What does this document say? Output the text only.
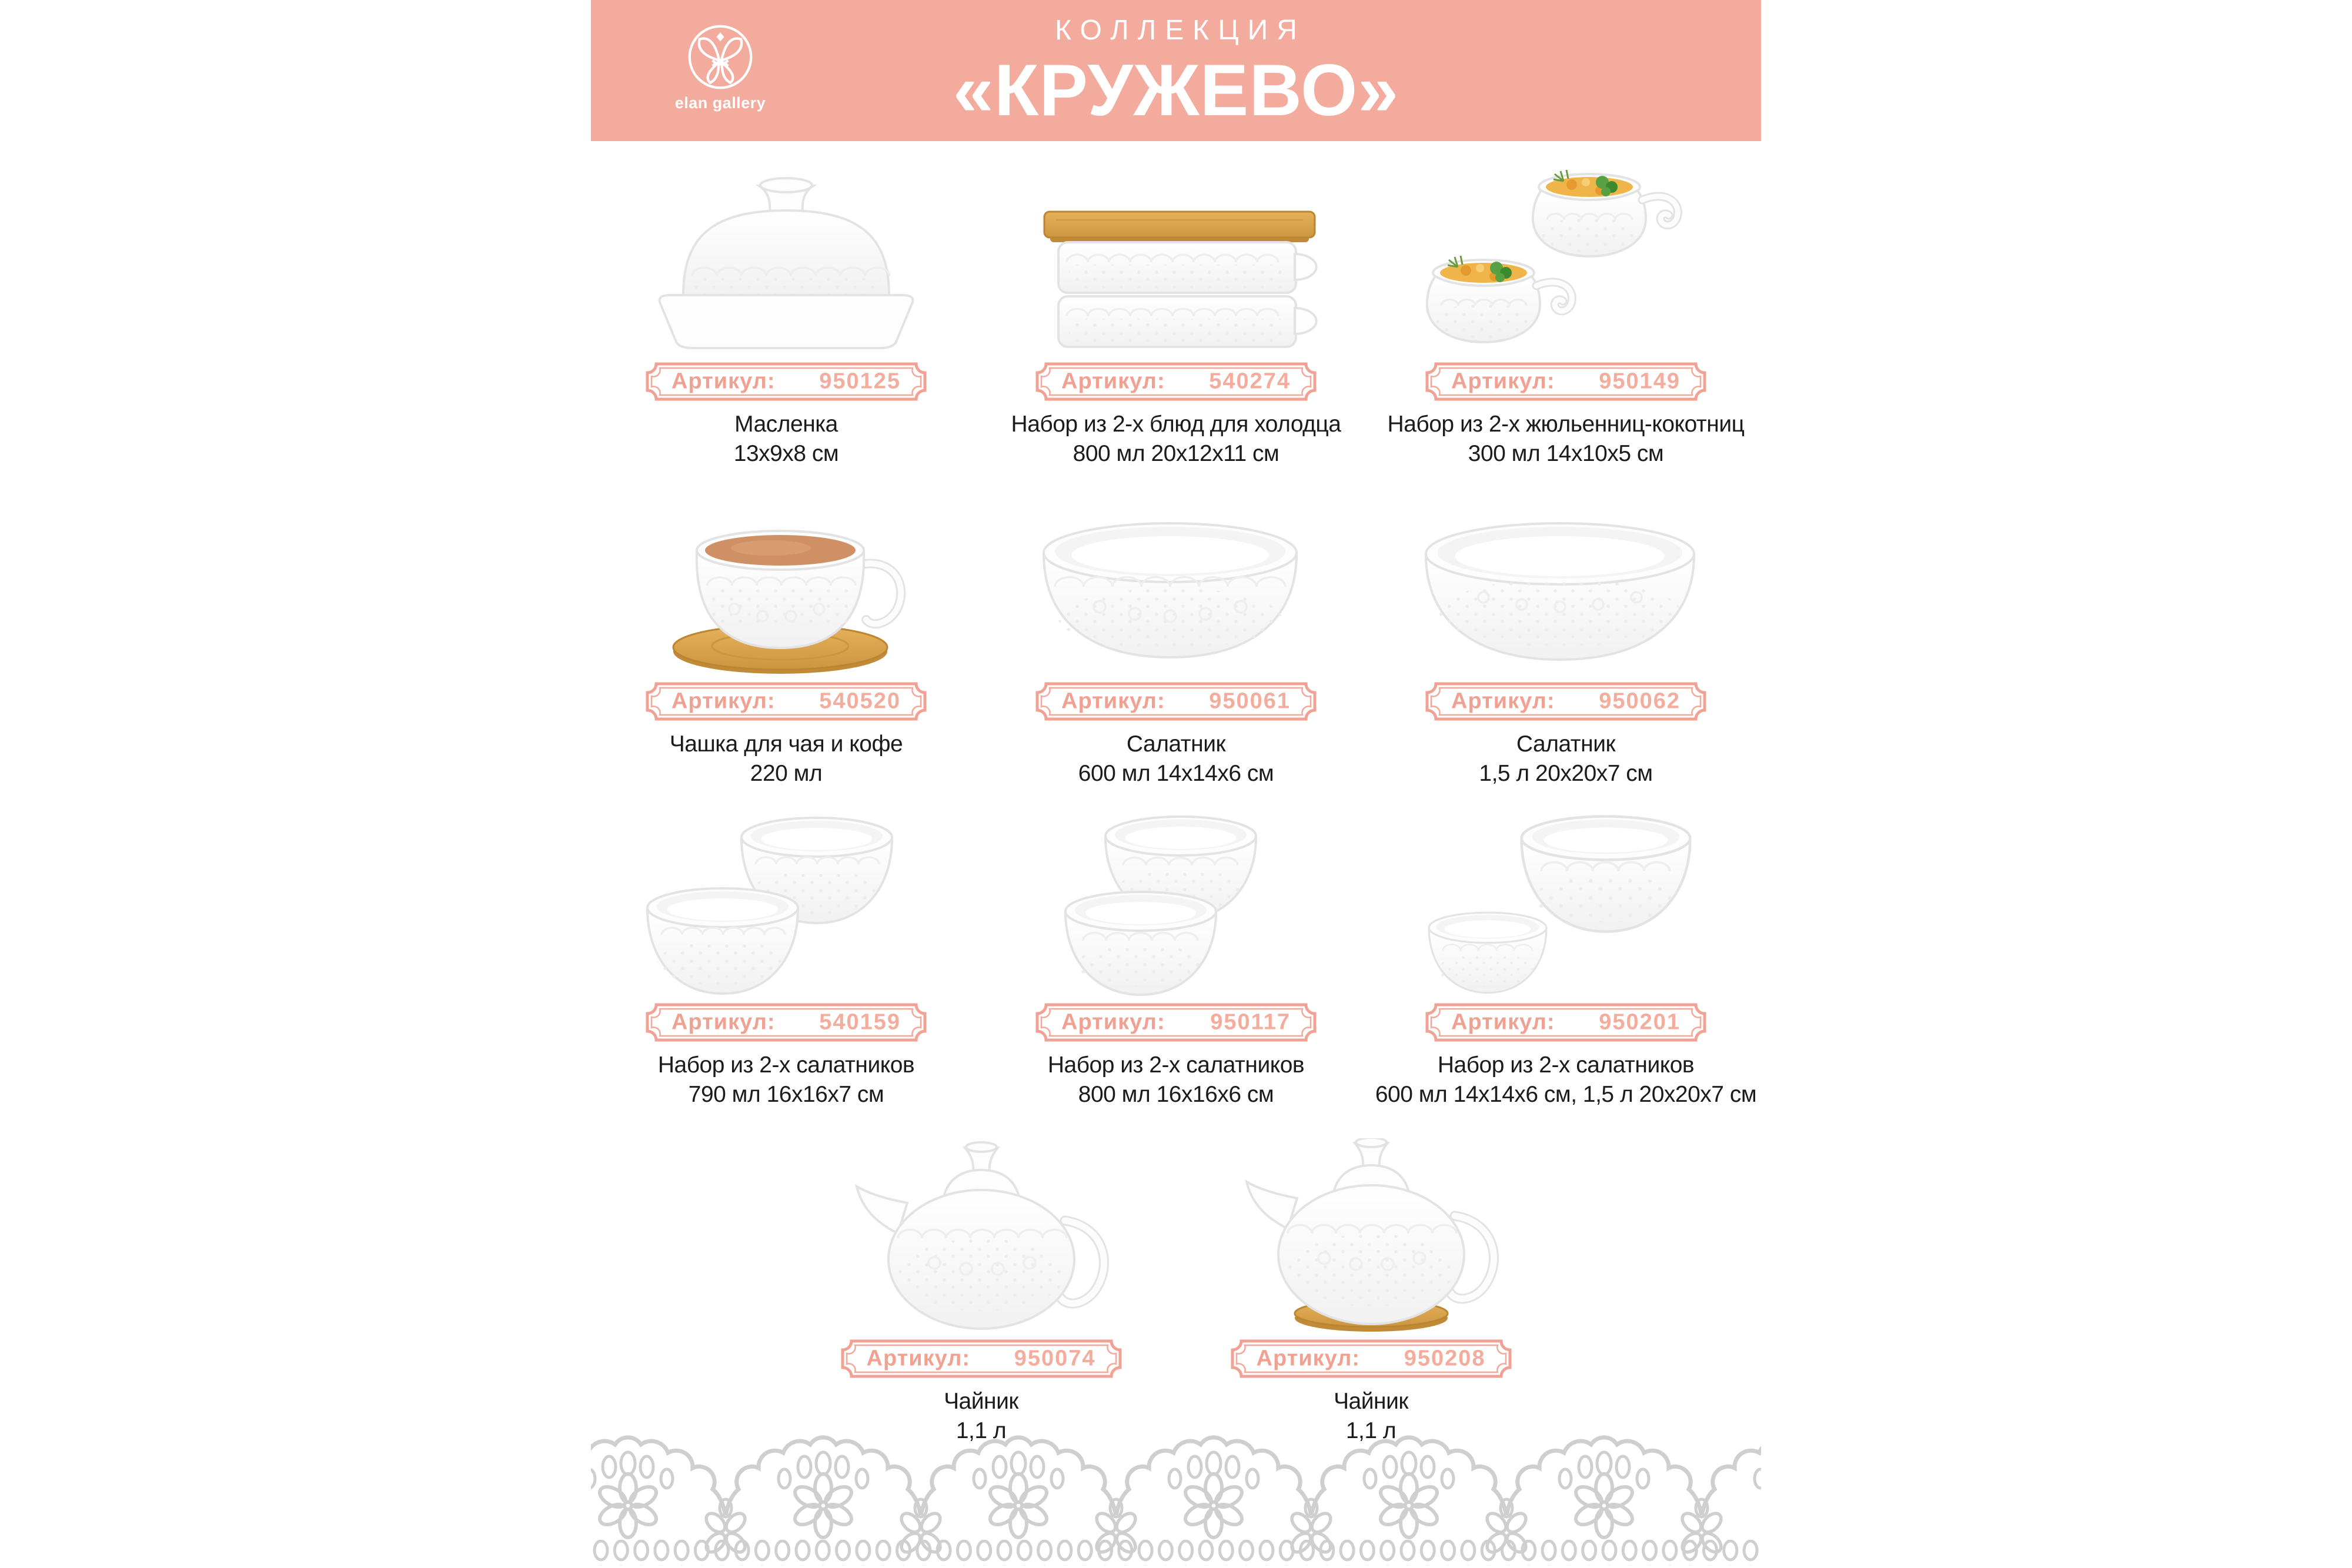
elan gallery
КОЛЛЕКЦИЯ
«КРУЖЕВО»
Артикул: 950125
Масленка
13х9х8 см
Артикул: 540274
Набор из 2-х блюд для холодца
800 мл 20х12х11 см
Артикул: 950149
Набор из 2-х жюльенниц-кокотниц
300 мл 14х10х5 см
Артикул: 540520
Чашка для чая и кофе
220 мл
Артикул: 950061
Салатник
600 мл 14х14х6 см
Артикул: 950062
Салатник
1,5 л 20х20х7 см
Артикул: 540159
Набор из 2-х салатников
790 мл 16х16х7 см
Артикул: 950117
Набор из 2-х салатников
800 мл 16х16х6 см
Артикул: 950201
Набор из 2-х салатников
600 мл 14х14х6 см, 1,5 л 20х20х7 см
Артикул: 950074
Чайник
1,1 л
Артикул: 950208
Чайник
1,1 л
